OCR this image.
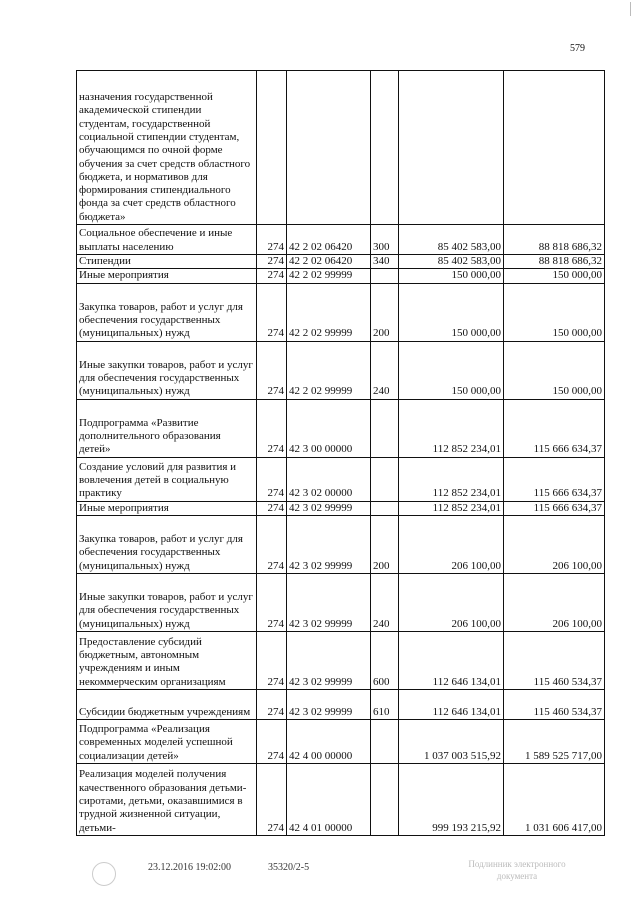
579
назначения государственной академической стипендии студентам, государственной социальной стипендии студентам, обучающимся по очной форме обучения за счет средств областного бюджета, и нормативов для формирования стипендиального фонда за счет средств областного бюджета»					
Социальное обеспечение и иные выплаты населению	274	42 2 02 06420	300	85 402 583,00	88 818 686,32
Стипендии	274	42 2 02 06420	340	85 402 583,00	88 818 686,32
Иные мероприятия	274	42 2 02 99999		150 000,00	150 000,00
Закупка товаров, работ и услуг для обеспечения государственных (муниципальных) нужд	274	42 2 02 99999	200	150 000,00	150 000,00
Иные закупки товаров, работ и услуг для обеспечения государственных (муниципальных) нужд	274	42 2 02 99999	240	150 000,00	150 000,00
Подпрограмма «Развитие дополнительного образования детей»	274	42 3 00 00000		112 852 234,01	115 666 634,37
Создание условий для развития и вовлечения детей в социальную практику	274	42 3 02 00000		112 852 234,01	115 666 634,37
Иные мероприятия	274	42 3 02 99999		112 852 234,01	115 666 634,37
Закупка товаров, работ и услуг для обеспечения государственных (муниципальных) нужд	274	42 3 02 99999	200	206 100,00	206 100,00
Иные закупки товаров, работ и услуг для обеспечения государственных (муниципальных) нужд	274	42 3 02 99999	240	206 100,00	206 100,00
Предоставление субсидий бюджетным, автономным учреждениям и иным некоммерческим организациям	274	42 3 02 99999	600	112 646 134,01	115 460 534,37
Субсидии бюджетным учреждениям	274	42 3 02 99999	610	112 646 134,01	115 460 534,37
Подпрограмма «Реализация современных моделей успешной социализации детей»	274	42 4 00 00000		1 037 003 515,92	1 589 525 717,00
Реализация моделей получения качественного образования детьми-сиротами, детьми, оказавшимися в трудной жизненной ситуации, детьми-	274	42 4 01 00000		999 193 215,92	1 031 606 417,00
23.12.2016 19:02:00	35320/2-5	Подлинник электронного документа
